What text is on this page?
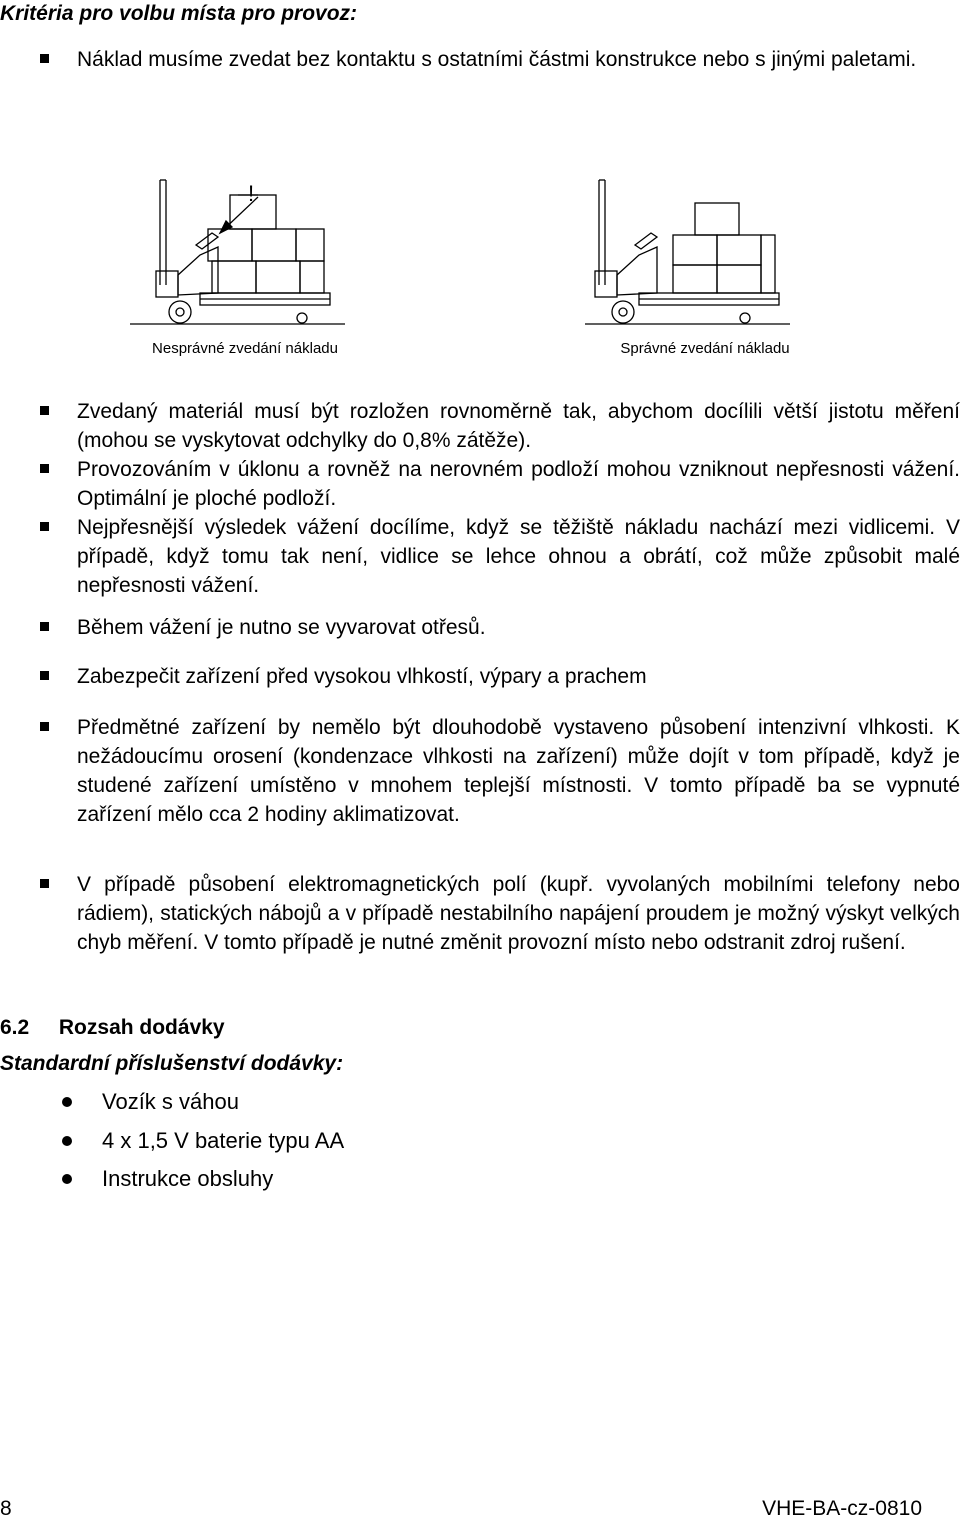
Kritéria pro volbu místa pro provoz:
Náklad musíme zvedat bez kontaktu s ostatními částmi konstrukce nebo s jinými paletami.
!
Nesprávné zvedání nákladu	Správné zvedání nákladu
Zvedaný materiál musí být rozložen rovnoměrně tak, abychom docílili větší jistotu měření (mohou se vyskytovat odchylky do 0,8% zátěže).
Provozováním v úklonu a rovněž na nerovném podloží mohou vzniknout nepřesnosti vážení. Optimální je ploché podloží.
Nejpřesnější výsledek vážení docílíme, když se těžiště nákladu nachází mezi vidlicemi. V případě, když tomu tak není, vidlice se lehce ohnou a obrátí, což může způsobit malé nepřesnosti vážení.
Během vážení je nutno se vyvarovat otřesů.
Zabezpečit zařízení před vysokou vlhkostí, výpary a prachem
Předmětné zařízení by nemělo být dlouhodobě vystaveno působení intenzivní vlhkosti. K nežádoucímu orosení (kondenzace vlhkosti na zařízení) může dojít v tom případě, když je studené zařízení umístěno v mnohem teplejší místnosti. V tomto případě ba se vypnuté zařízení mělo cca 2 hodiny aklimatizovat.
V případě působení elektromagnetických polí (kupř. vyvolaných mobilními telefony nebo rádiem), statických nábojů a v případě nestabilního napájení proudem je možný výskyt velkých chyb měření. V tomto případě je nutné změnit provozní místo nebo odstranit zdroj rušení.
6.2 Rozsah dodávky
Standardní příslušenství dodávky:
Vozík s váhou
4 x 1,5 V baterie typu AA
Instrukce obsluhy
8	VHE-BA-cz-0810
